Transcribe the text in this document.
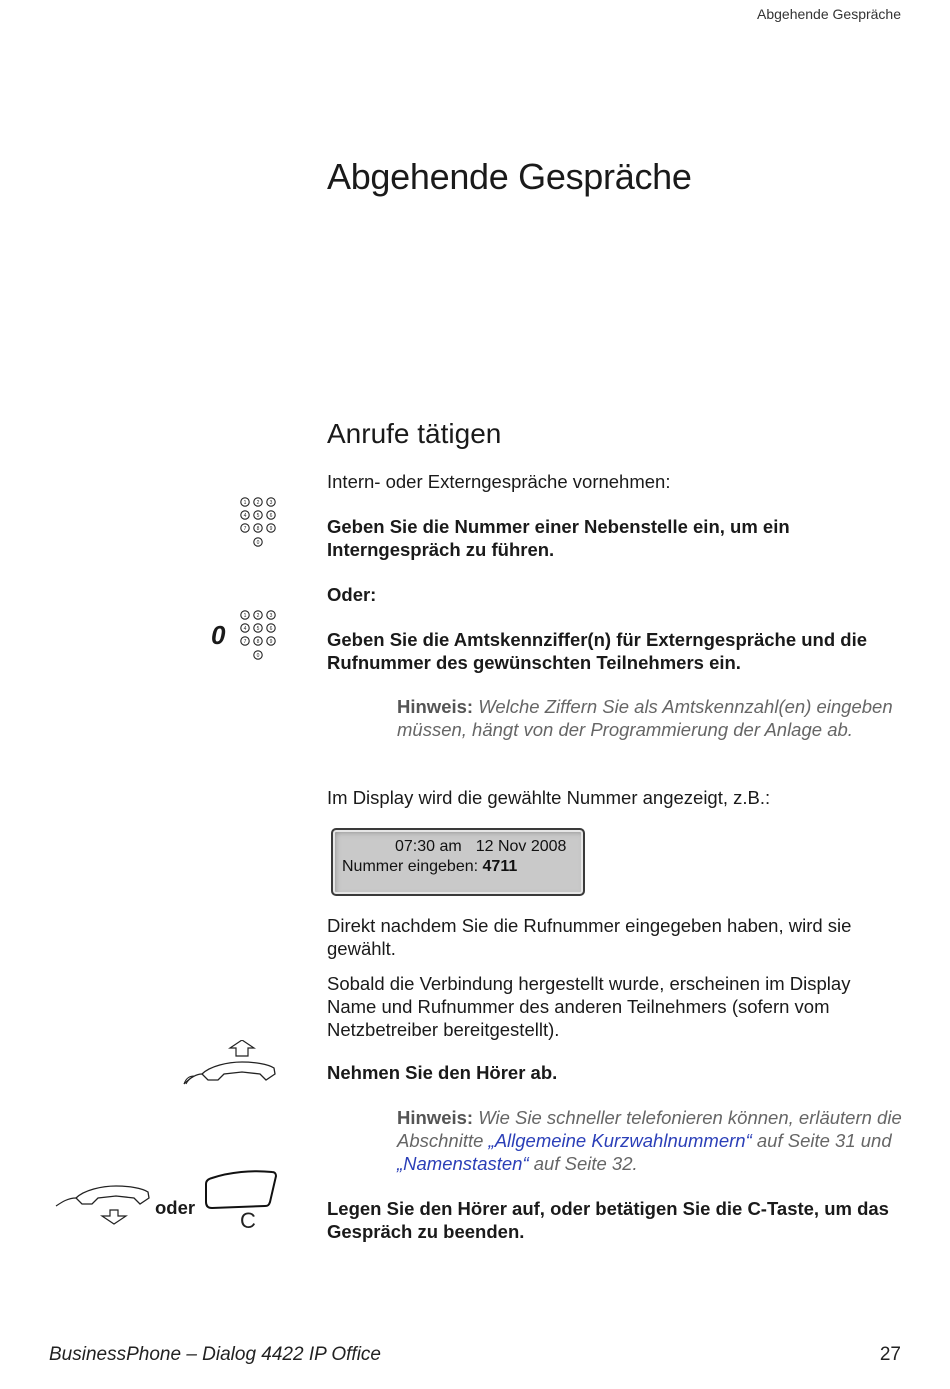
Abgehende Gespräche
Abgehende Gespräche
Anrufe tätigen
Intern- oder Externgespräche vornehmen:
1 2 3
4 5 6
7 8 9
0
Geben Sie die Nummer einer Nebenstelle ein, um ein Interngespräch zu führen.
Oder:
0
1 2 3
4 5 6
7 8 9
0
Geben Sie die Amtskennziffer(n) für Externgespräche und die Rufnummer des gewünschten Teilnehmers ein.
Hinweis: Welche Ziffern Sie als Amtskennzahl(en) eingeben müssen, hängt von der Programmierung der Anlage ab.
Im Display wird die gewählte Nummer angezeigt, z.B.:
07:30 am 12 Nov 2008
Nummer eingeben: 4711
Direkt nachdem Sie die Rufnummer eingegeben haben, wird sie gewählt.
Sobald die Verbindung hergestellt wurde, erscheinen im Display Name und Rufnummer des anderen Teilnehmers (sofern vom Netzbetreiber bereitgestellt).
Nehmen Sie den Hörer ab.
Hinweis: Wie Sie schneller telefonieren können, erläutern die Abschnitte „Allgemeine Kurzwahlnummern“ auf Seite 31 und „Namenstasten“ auf Seite 32.
oder
C	Legen Sie den Hörer auf, oder betätigen Sie die C-Taste, um das Gespräch zu beenden.
BusinessPhone – Dialog 4422 IP Office	27
